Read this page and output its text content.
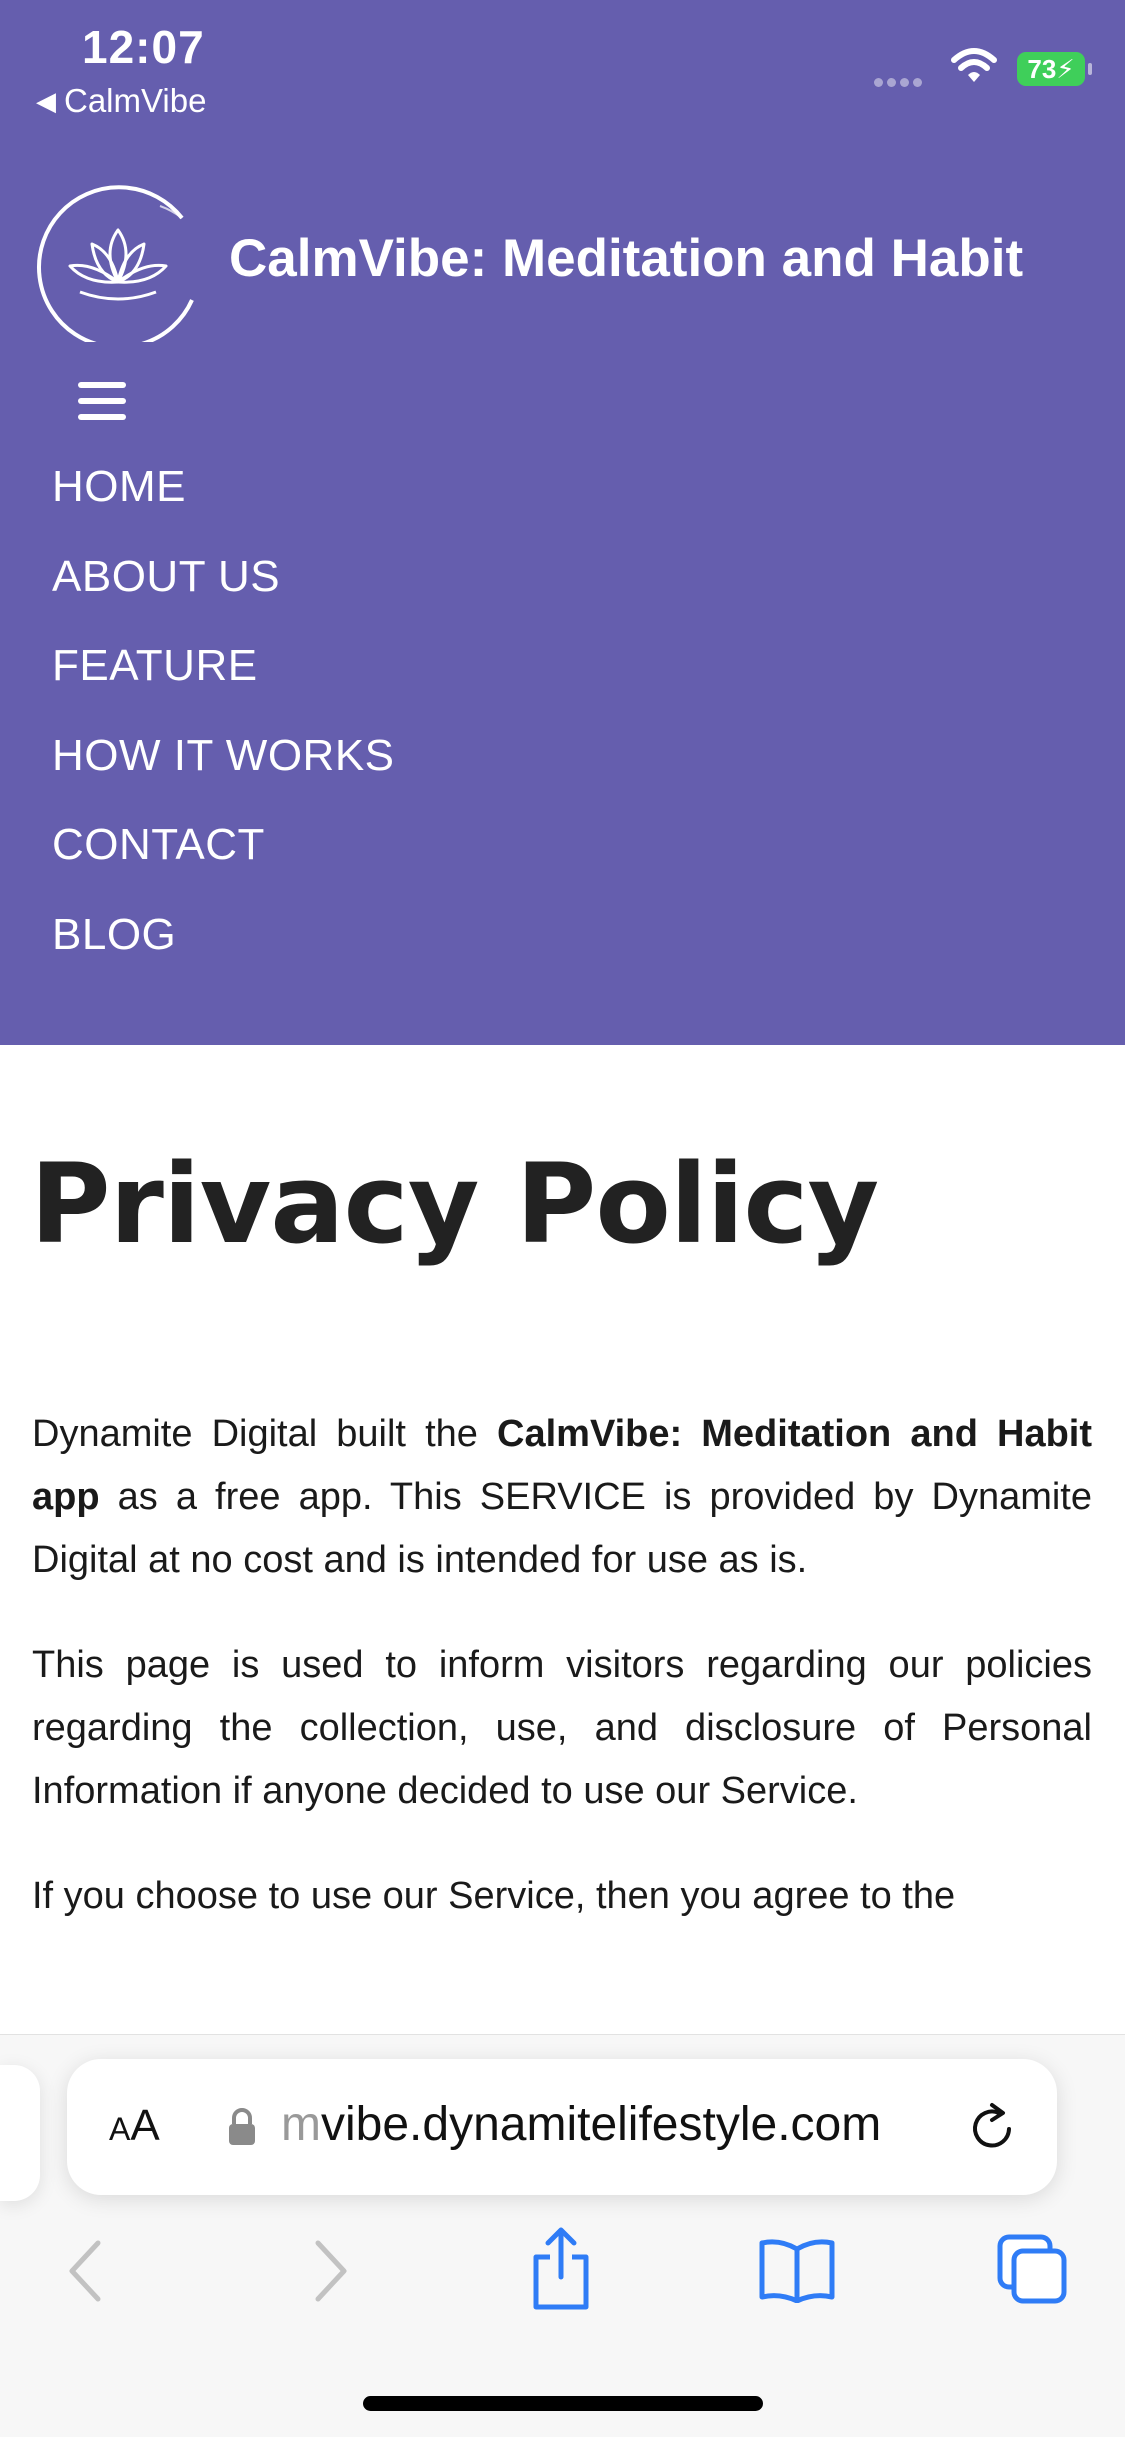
12:07
◀ CalmVibe
73⚡
CalmVibe: Meditation and Habit
HOME
ABOUT US
FEATURE
HOW IT WORKS
CONTACT
BLOG
Privacy Policy

Dynamite Digital built the CalmVibe: Meditation and Habit app as a free app. This SERVICE is provided by Dynamite Digital at no cost and is intended for use as is.

This page is used to inform visitors regarding our policies regarding the collection, use, and disclosure of Personal Information if anyone decided to use our Service.

If you choose to use our Service, then you agree to the

AA	mvibe.dynamitelifestyle.com
